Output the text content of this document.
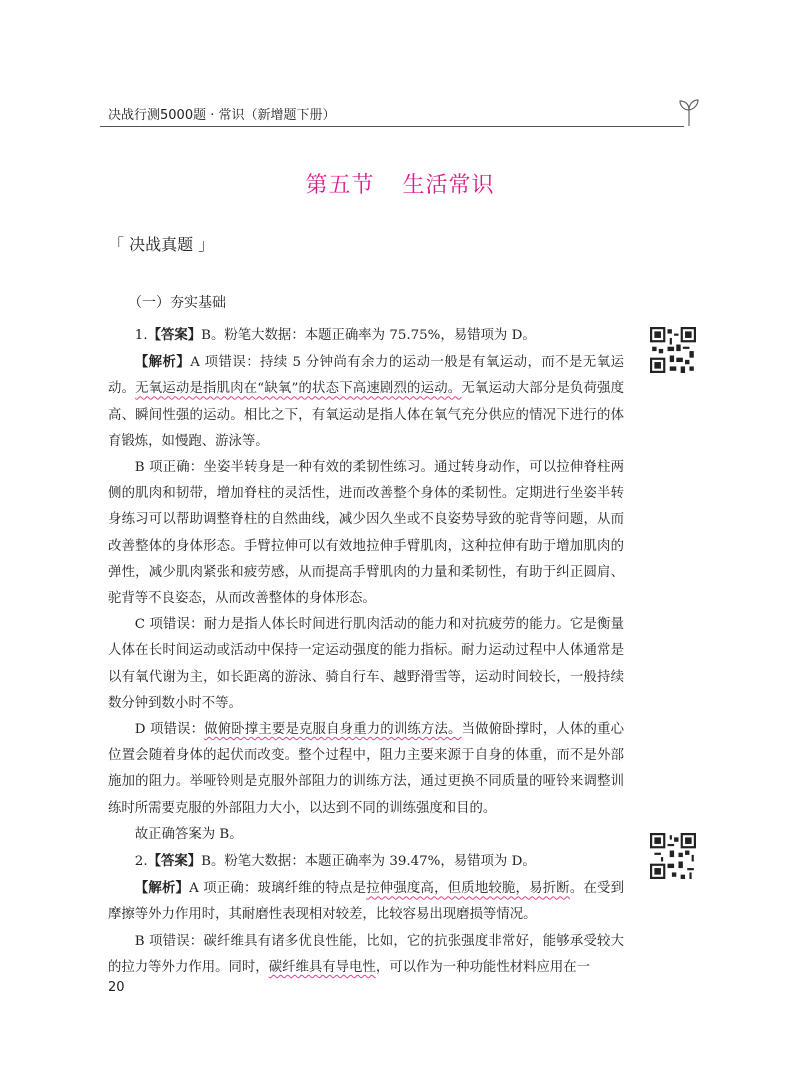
决战行测5000题 · 常识（新增题下册）
第五节 生活常识
「 决战真题 」
（一）夯实基础

1.【答案】B。粉笔大数据：本题正确率为 75.75%，易错项为 D。

【解析】A 项错误：持续 5 分钟尚有余力的运动一般是有氧运动，而不是无氧运动。无氧运动是指肌肉在“缺氧”的状态下高速剧烈的运动。无氧运动大部分是负荷强度高、瞬间性强的运动。相比之下，有氧运动是指人体在氧气充分供应的情况下进行的体育锻炼，如慢跑、游泳等。

B 项正确：坐姿半转身是一种有效的柔韧性练习。通过转身动作，可以拉伸脊柱两侧的肌肉和韧带，增加脊柱的灵活性，进而改善整个身体的柔韧性。定期进行坐姿半转身练习可以帮助调整脊柱的自然曲线，减少因久坐或不良姿势导致的驼背等问题，从而改善整体的身体形态。手臂拉伸可以有效地拉伸手臂肌肉，这种拉伸有助于增加肌肉的弹性，减少肌肉紧张和疲劳感，从而提高手臂肌肉的力量和柔韧性，有助于纠正圆肩、驼背等不良姿态，从而改善整体的身体形态。

C 项错误：耐力是指人体长时间进行肌肉活动的能力和对抗疲劳的能力。它是衡量人体在长时间运动或活动中保持一定运动强度的能力指标。耐力运动过程中人体通常是以有氧代谢为主，如长距离的游泳、骑自行车、越野滑雪等，运动时间较长，一般持续数分钟到数小时不等。

D 项错误：做俯卧撑主要是克服自身重力的训练方法。当做俯卧撑时，人体的重心位置会随着身体的起伏而改变。整个过程中，阻力主要来源于自身的体重，而不是外部施加的阻力。举哑铃则是克服外部阻力的训练方法，通过更换不同质量的哑铃来调整训练时所需要克服的外部阻力大小，以达到不同的训练强度和目的。

故正确答案为 B。

2.【答案】B。粉笔大数据：本题正确率为 39.47%，易错项为 D。

【解析】A 项正确：玻璃纤维的特点是拉伸强度高，但质地较脆，易折断。在受到摩擦等外力作用时，其耐磨性表现相对较差，比较容易出现磨损等情况。

B 项错误：碳纤维具有诸多优良性能，比如，它的抗张强度非常好，能够承受较大的拉力等外力作用。同时，碳纤维具有导电性，可以作为一种功能性材料应用在一

20
